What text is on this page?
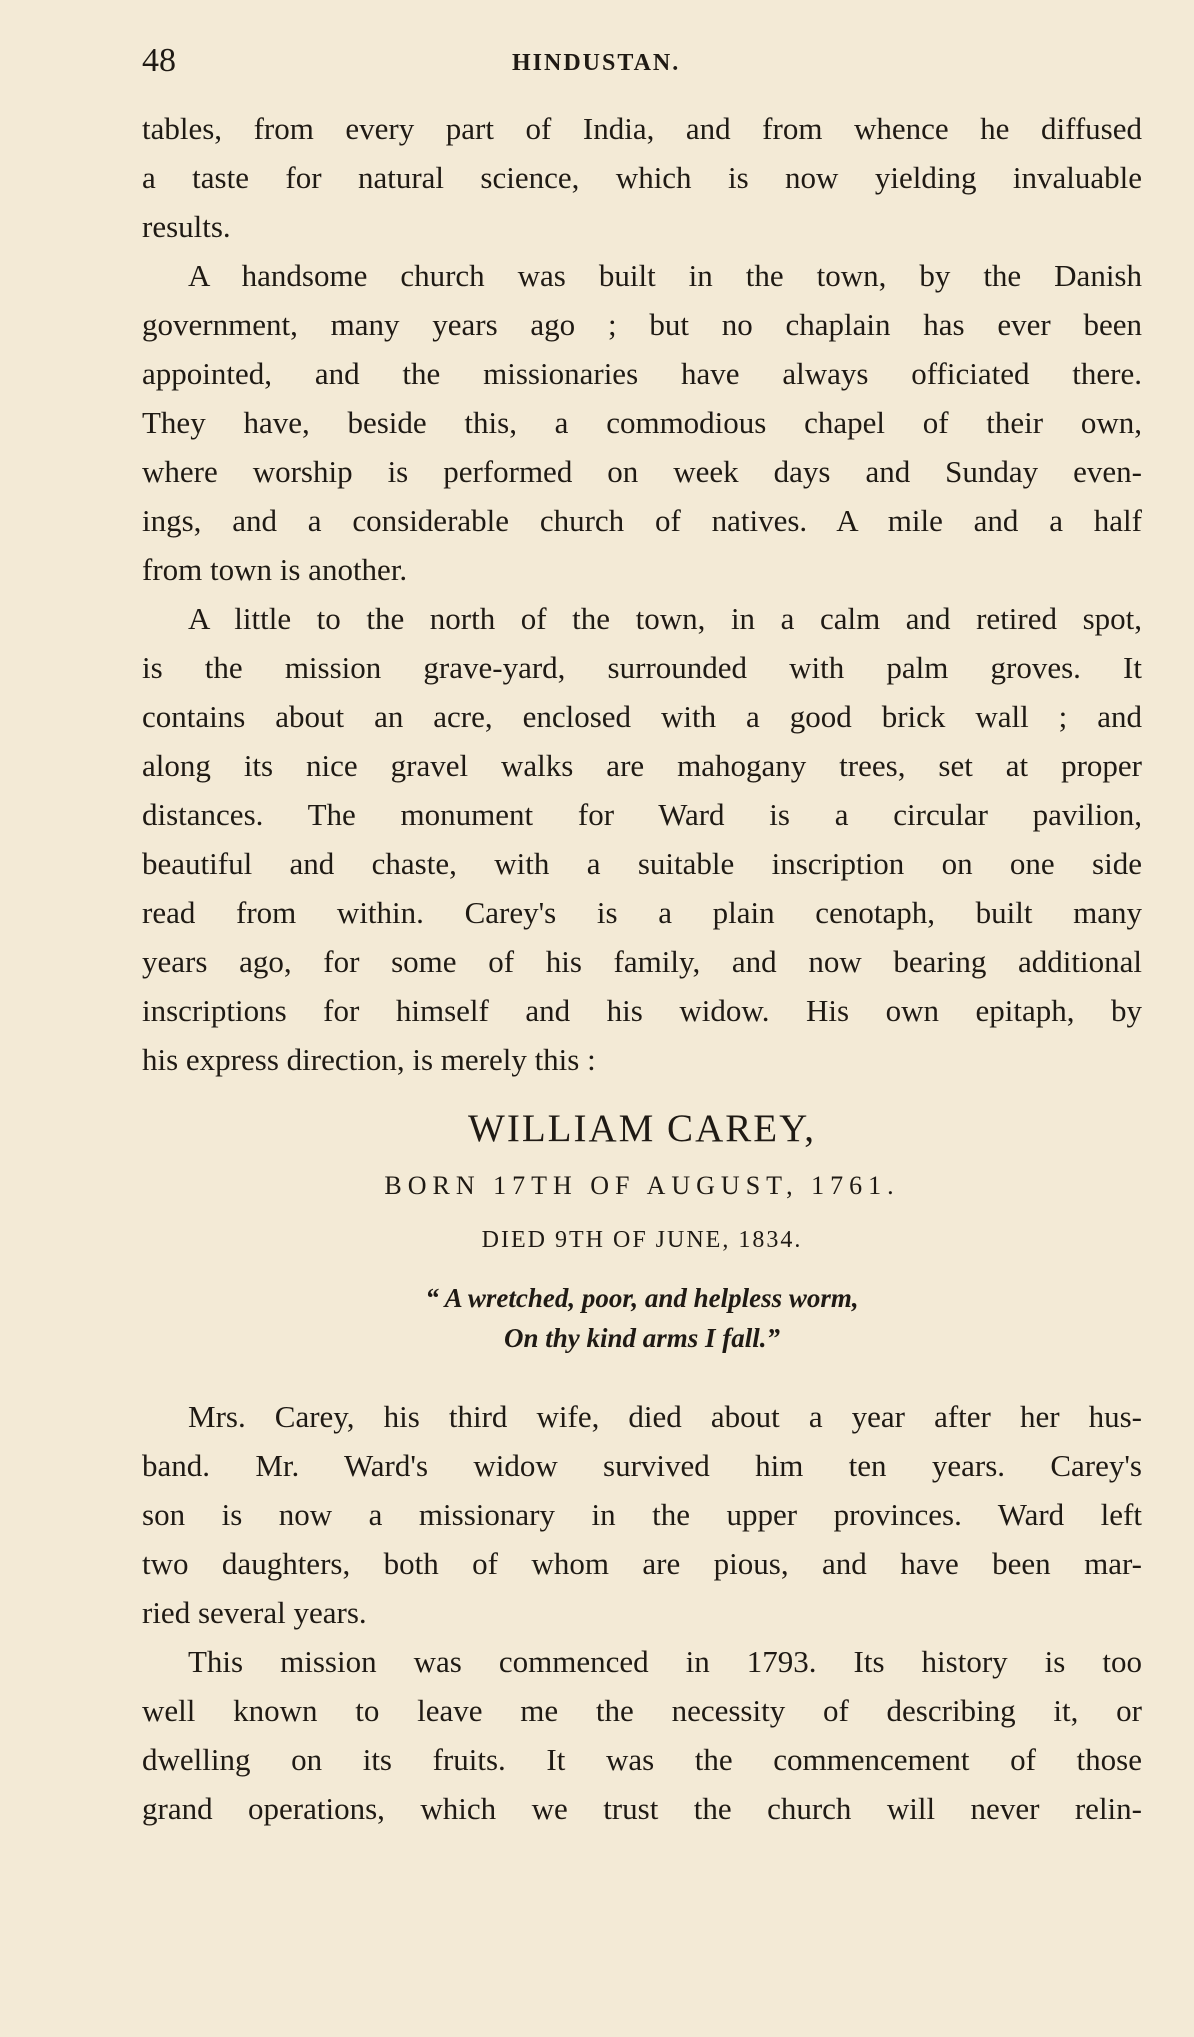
48	HINDUSTAN.
tables, from every part of India, and from whence he diffused
a taste for natural science, which is now yielding invaluable
results.
A handsome church was built in the town, by the Danish
government, many years ago ; but no chaplain has ever been
appointed, and the missionaries have always officiated there.
They have, beside this, a commodious chapel of their own,
where worship is performed on week days and Sunday even-
ings, and a considerable church of natives. A mile and a half
from town is another.
A little to the north of the town, in a calm and retired spot,
is the mission grave-yard, surrounded with palm groves. It
contains about an acre, enclosed with a good brick wall ; and
along its nice gravel walks are mahogany trees, set at proper
distances. The monument for Ward is a circular pavilion,
beautiful and chaste, with a suitable inscription on one side
read from within. Carey's is a plain cenotaph, built many
years ago, for some of his family, and now bearing additional
inscriptions for himself and his widow. His own epitaph, by
his express direction, is merely this :
WILLIAM CAREY,
BORN 17TH OF AUGUST, 1761.
DIED 9TH OF JUNE, 1834.
“ A wretched, poor, and helpless worm,
On thy kind arms I fall.”
Mrs. Carey, his third wife, died about a year after her hus-
band. Mr. Ward's widow survived him ten years. Carey's
son is now a missionary in the upper provinces. Ward left
two daughters, both of whom are pious, and have been mar-
ried several years.
This mission was commenced in 1793. Its history is too
well known to leave me the necessity of describing it, or
dwelling on its fruits. It was the commencement of those
grand operations, which we trust the church will never relin-
